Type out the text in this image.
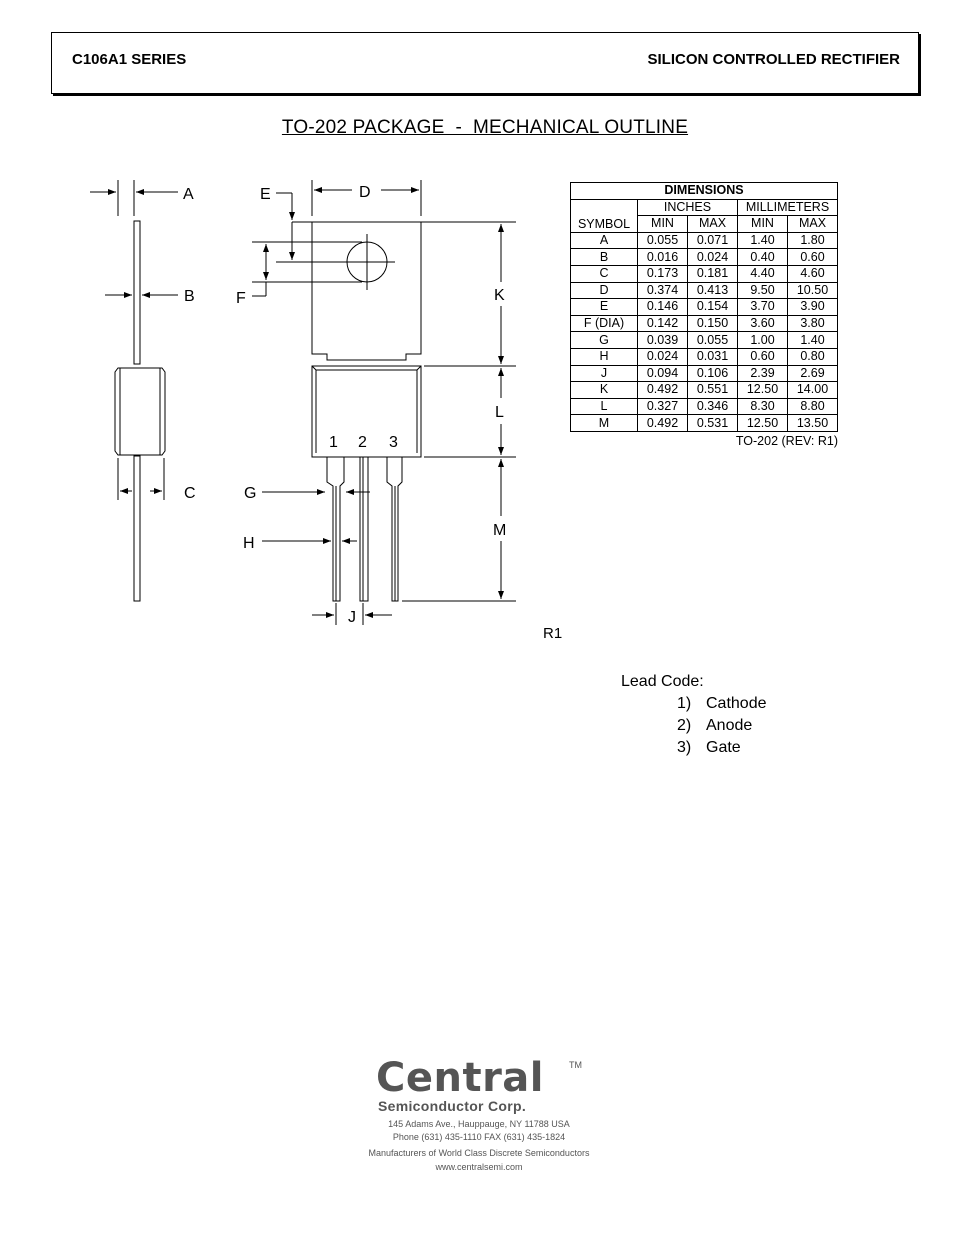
C106A1 SERIES	SILICON CONTROLLED RECTIFIER
TO-202 PACKAGE  -  MECHANICAL OUTLINE
A
B
C
D
E
F
G
H
J
K
L
M
1 2 3
DIMENSIONS				
SYMBOL	INCHES		MILLIMETERS	
	MIN	MAX	MIN	MAX
A	0.055	0.071	1.40	1.80
B	0.016	0.024	0.40	0.60
C	0.173	0.181	4.40	4.60
D	0.374	0.413	9.50	10.50
E	0.146	0.154	3.70	3.90
F (DIA)	0.142	0.150	3.60	3.80
G	0.039	0.055	1.00	1.40
H	0.024	0.031	0.60	0.80
J	0.094	0.106	2.39	2.69
K	0.492	0.551	12.50	14.00
L	0.327	0.346	8.30	8.80
M	0.492	0.531	12.50	13.50
TO-202 (REV: R1)
R1
Lead Code:
1) Cathode
2) Anode
3) Gate
Central	TM
Semiconductor Corp.
145 Adams Ave., Hauppauge, NY 11788 USA
Phone (631) 435-1110 FAX (631) 435-1824
Manufacturers of World Class Discrete Semiconductors
www.centralsemi.com
